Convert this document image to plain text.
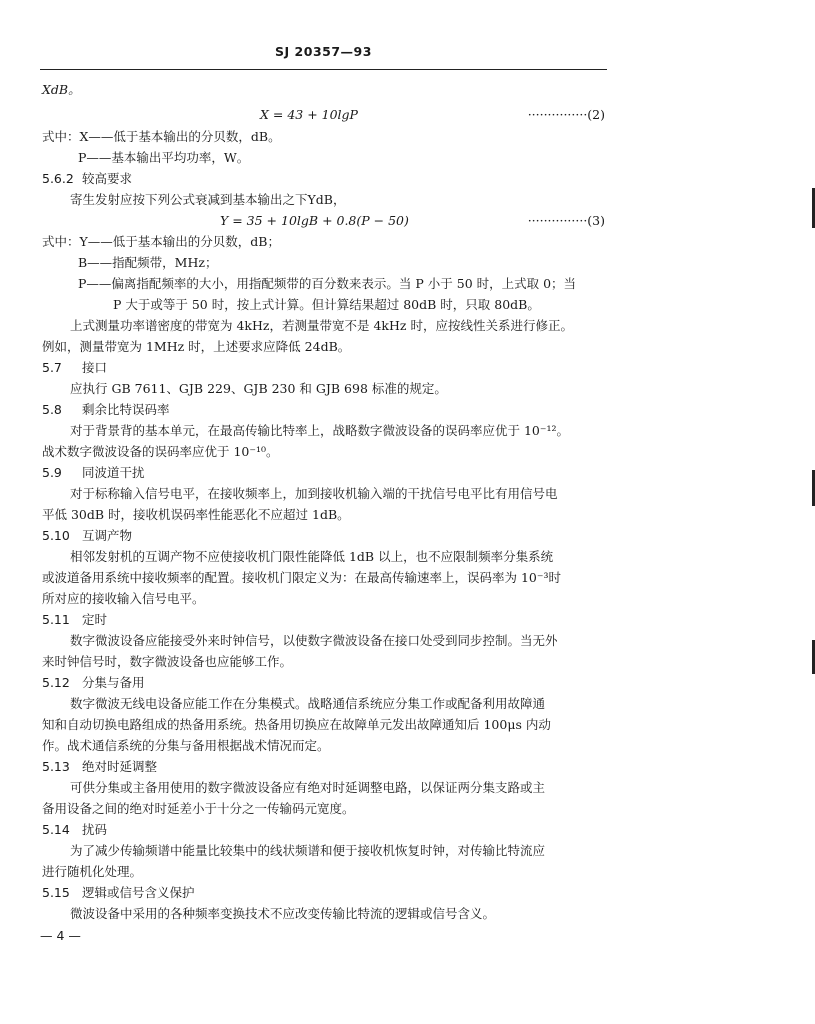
SJ 20357—93
XdB。
X = 43 + 10lgP	···············(2)
式中：X——低于基本输出的分贝数，dB。
P——基本输出平均功率，W。
5.6.2 较高要求
寄生发射应按下列公式衰减到基本输出之下YdB，
Y = 35 + 10lgB + 0.8(P − 50)	···············(3)
式中：Y——低于基本输出的分贝数，dB；
B——指配频带，MHz；
P——偏离指配频率的大小，用指配频带的百分数来表示。当 P 小于 50 时，上式取 0；当
P 大于或等于 50 时，按上式计算。但计算结果超过 80dB 时，只取 80dB。
上式测量功率谱密度的带宽为 4kHz，若测量带宽不是 4kHz 时，应按线性关系进行修正。
例如，测量带宽为 1MHz 时，上述要求应降低 24dB。
5.7 接口
应执行 GB 7611、GJB 229、GJB 230 和 GJB 698 标准的规定。
5.8 剩余比特误码率
对于背景背的基本单元，在最高传输比特率上，战略数字微波设备的误码率应优于 10⁻¹²。
战术数字微波设备的误码率应优于 10⁻¹⁰。
5.9 同波道干扰
对于标称输入信号电平，在接收频率上，加到接收机输入端的干扰信号电平比有用信号电
平低 30dB 时，接收机误码率性能恶化不应超过 1dB。
5.10 互调产物
相邻发射机的互调产物不应使接收机门限性能降低 1dB 以上，也不应限制频率分集系统
或波道备用系统中接收频率的配置。接收机门限定义为：在最高传输速率上，误码率为 10⁻³时
所对应的接收输入信号电平。
5.11 定时
数字微波设备应能接受外来时钟信号，以使数字微波设备在接口处受到同步控制。当无外
来时钟信号时，数字微波设备也应能够工作。
5.12 分集与备用
数字微波无线电设备应能工作在分集模式。战略通信系统应分集工作或配备利用故障通
知和自动切换电路组成的热备用系统。热备用切换应在故障单元发出故障通知后 100μs 内动
作。战术通信系统的分集与备用根据战术情况而定。
5.13 绝对时延调整
可供分集或主备用使用的数字微波设备应有绝对时延调整电路，以保证两分集支路或主
备用设备之间的绝对时延差小于十分之一传输码元宽度。
5.14 扰码
为了减少传输频谱中能量比较集中的线状频谱和便于接收机恢复时钟，对传输比特流应
进行随机化处理。
5.15 逻辑或信号含义保护
微波设备中采用的各种频率变换技术不应改变传输比特流的逻辑或信号含义。
— 4 —
